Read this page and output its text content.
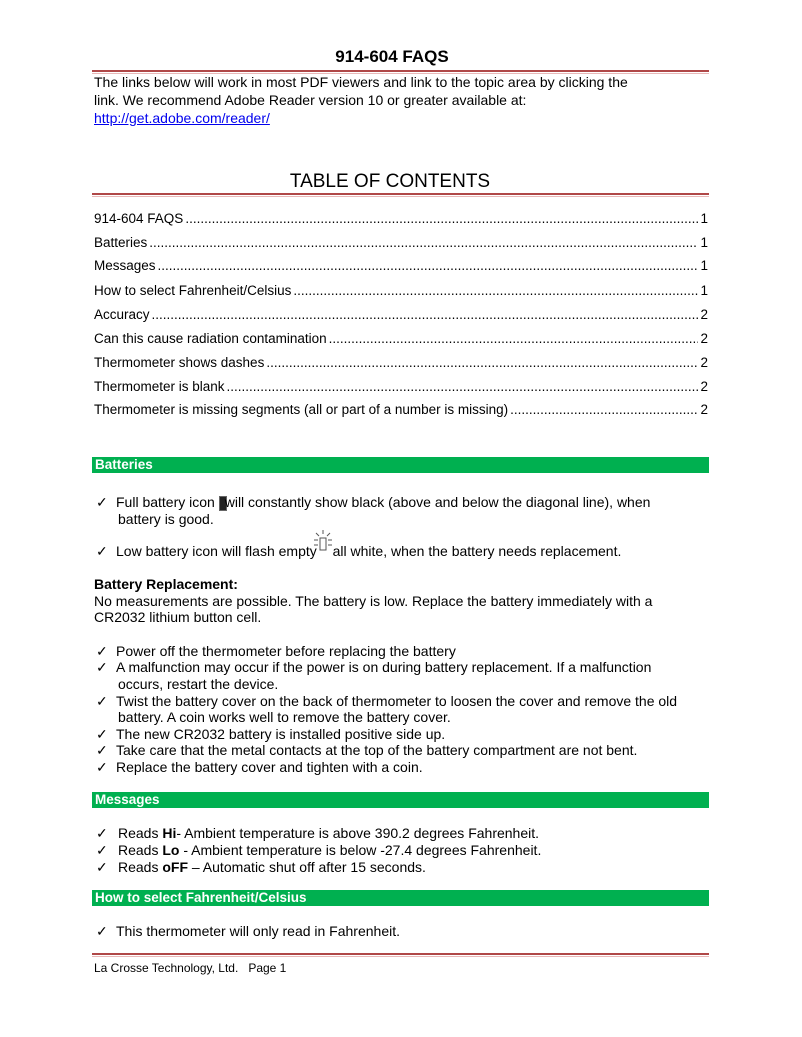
914-604 FAQS
The links below will work in most PDF viewers and link to the topic area by clicking the
link. We recommend Adobe Reader version 10 or greater available at:
http://get.adobe.com/reader/
TABLE OF CONTENTS
914-604 FAQS .....	1
Batteries .....	1
Messages .....	1
How to select Fahrenheit/Celsius .....	1
Accuracy .....	2
Can this cause radiation contamination .....	2
Thermometer shows dashes .....	2
Thermometer is blank .....	2
Thermometer is missing segments (all or part of a number is missing) .....	2
Batteries
✓ Full battery icon will constantly show black (above and below the diagonal line), when
battery is good.
✓ Low battery icon will flash empty
all white, when the battery needs replacement.
Battery Replacement:
No measurements are possible. The battery is low. Replace the battery immediately with a
CR2032 lithium button cell.
✓ Power off the thermometer before replacing the battery
✓ A malfunction may occur if the power is on during battery replacement. If a malfunction
occurs, restart the device.
✓ Twist the battery cover on the back of thermometer to loosen the cover and remove the old
battery. A coin works well to remove the battery cover.
✓ The new CR2032 battery is installed positive side up.
✓ Take care that the metal contacts at the top of the battery compartment are not bent.
✓ Replace the battery cover and tighten with a coin.
Messages
✓ Reads Hi- Ambient temperature is above 390.2 degrees Fahrenheit.
✓ Reads Lo - Ambient temperature is below -27.4 degrees Fahrenheit.
✓ Reads oFF – Automatic shut off after 15 seconds.
How to select Fahrenheit/Celsius
✓ This thermometer will only read in Fahrenheit.
La Crosse Technology, Ltd.   Page 1
